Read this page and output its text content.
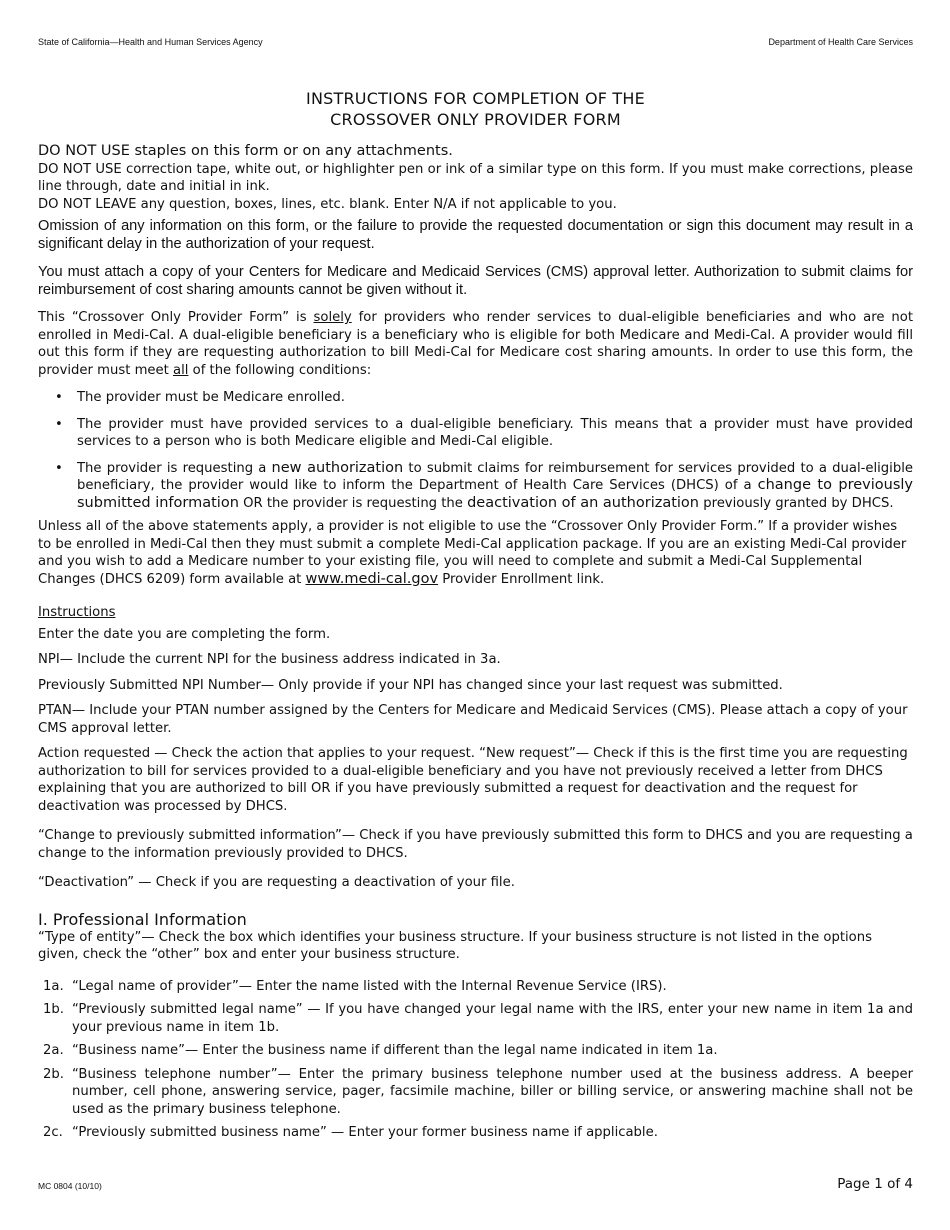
State of California—Health and Human Services Agency	Department of Health Care Services
INSTRUCTIONS FOR COMPLETION OF THE
CROSSOVER ONLY PROVIDER FORM

DO NOT USE staples on this form or on any attachments.

DO NOT USE correction tape, white out, or highlighter pen or ink of a similar type on this form. If you must make corrections, please line through, date and initial in ink.

DO NOT LEAVE any question, boxes, lines, etc. blank. Enter N/A if not applicable to you.

Omission of any information on this form, or the failure to provide the requested documentation or sign this document may result in a significant delay in the authorization of your request.

You must attach a copy of your Centers for Medicare and Medicaid Services (CMS) approval letter. Authorization to submit claims for reimbursement of cost sharing amounts cannot be given without it.

This “Crossover Only Provider Form” is solely for providers who render services to dual-eligible beneficiaries and who are not enrolled in Medi-Cal. A dual-eligible beneficiary is a beneficiary who is eligible for both Medicare and Medi-Cal. A provider would fill out this form if they are requesting authorization to bill Medi-Cal for Medicare cost sharing amounts. In order to use this form, the provider must meet all of the following conditions:

• The provider must be Medicare enrolled.
• The provider must have provided services to a dual-eligible beneficiary. This means that a provider must have provided services to a person who is both Medicare eligible and Medi-Cal eligible.
• The provider is requesting a new authorization to submit claims for reimbursement for services provided to a dual-eligible beneficiary, the provider would like to inform the Department of Health Care Services (DHCS) of a change to previously submitted information OR the provider is requesting the deactivation of an authorization previously granted by DHCS.

Unless all of the above statements apply, a provider is not eligible to use the “Crossover Only Provider Form.” If a provider wishes to be enrolled in Medi-Cal then they must submit a complete Medi-Cal application package. If you are an existing Medi-Cal provider and you wish to add a Medicare number to your existing file, you will need to complete and submit a Medi-Cal Supplemental Changes (DHCS 6209) form available at www.medi-cal.gov Provider Enrollment link.

Instructions

Enter the date you are completing the form.

NPI— Include the current NPI for the business address indicated in 3a.

Previously Submitted NPI Number— Only provide if your NPI has changed since your last request was submitted.

PTAN— Include your PTAN number assigned by the Centers for Medicare and Medicaid Services (CMS). Please attach a copy of your CMS approval letter.

Action requested — Check the action that applies to your request. “New request”— Check if this is the first time you are requesting authorization to bill for services provided to a dual-eligible beneficiary and you have not previously received a letter from DHCS explaining that you are authorized to bill OR if you have previously submitted a request for deactivation and the request for deactivation was processed by DHCS.

“Change to previously submitted information”— Check if you have previously submitted this form to DHCS and you are requesting a change to the information previously provided to DHCS.

“Deactivation” — Check if you are requesting a deactivation of your file.

I. Professional Information

“Type of entity”— Check the box which identifies your business structure. If your business structure is not listed in the options given, check the “other” box and enter your business structure.

1a. “Legal name of provider”— Enter the name listed with the Internal Revenue Service (IRS).
1b. “Previously submitted legal name” — If you have changed your legal name with the IRS, enter your new name in item 1a and your previous name in item 1b.
2a. “Business name”— Enter the business name if different than the legal name indicated in item 1a.
2b. “Business telephone number”— Enter the primary business telephone number used at the business address. A beeper number, cell phone, answering service, pager, facsimile machine, biller or billing service, or answering machine shall not be used as the primary business telephone.
2c. “Previously submitted business name” — Enter your former business name if applicable.
MC 0804 (10/10)	Page 1 of 4
